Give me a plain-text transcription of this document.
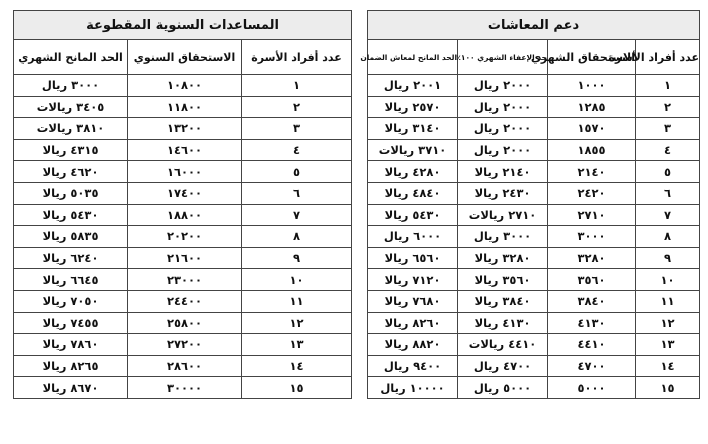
المساعدات السنوية المقطوعة		
عدد أفراد الأسرة	الاستحقاق السنوي	الحد المانح الشهري
١	١٠٨٠٠	٣٠٠٠ ريال
٢	١١٨٠٠	٣٤٠٥ ريالات
٣	١٣٢٠٠	٣٨١٠ ريالات
٤	١٤٦٠٠	٤٣١٥ ريالا
٥	١٦٠٠٠	٤٦٢٠ ريالا
٦	١٧٤٠٠	٥٠٣٥ ريالا
٧	١٨٨٠٠	٥٤٣٠ ريالا
٨	٢٠٢٠٠	٥٨٣٥ ريالا
٩	٢١٦٠٠	٦٢٤٠ ريالا
١٠	٢٣٠٠٠	٦٦٤٥ ريالا
١١	٢٤٤٠٠	٧٠٥٠ ريالا
١٢	٢٥٨٠٠	٧٤٥٥ ريالا
١٣	٢٧٢٠٠	٧٨٦٠ ريالا
١٤	٢٨٦٠٠	٨٢٦٥ ريالا
١٥	٣٠٠٠٠	٨٦٧٠ ريالا
دعم المعاشات			
عدد أفراد الأسرة	الاستحقاق الشهري	حد الإعفاء الشهري ١٠٠٪	الحد المانح لمعاش الضمان
١	١٠٠٠	٢٠٠٠ ريال	٢٠٠١ ريال
٢	١٢٨٥	٢٠٠٠ ريال	٢٥٧٠ ريالا
٣	١٥٧٠	٢٠٠٠ ريال	٣١٤٠ ريالا
٤	١٨٥٥	٢٠٠٠ ريال	٣٧١٠ ريالات
٥	٢١٤٠	٢١٤٠ ريالا	٤٢٨٠ ريالا
٦	٢٤٢٠	٢٤٣٠ ريالا	٤٨٤٠ ريالا
٧	٢٧١٠	٢٧١٠ ريالات	٥٤٣٠ ريالا
٨	٣٠٠٠	٣٠٠٠ ريال	٦٠٠٠ ريال
٩	٣٢٨٠	٣٢٨٠ ريالا	٦٥٦٠ ريالا
١٠	٣٥٦٠	٣٥٦٠ ريالا	٧١٢٠ ريالا
١١	٣٨٤٠	٣٨٤٠ ريالا	٧٦٨٠ ريالا
١٢	٤١٣٠	٤١٣٠ ريالا	٨٢٦٠ ريالا
١٣	٤٤١٠	٤٤١٠ ريالات	٨٨٢٠ ريالا
١٤	٤٧٠٠	٤٧٠٠ ريال	٩٤٠٠ ريال
١٥	٥٠٠٠	٥٠٠٠ ريال	١٠٠٠٠ ريال
